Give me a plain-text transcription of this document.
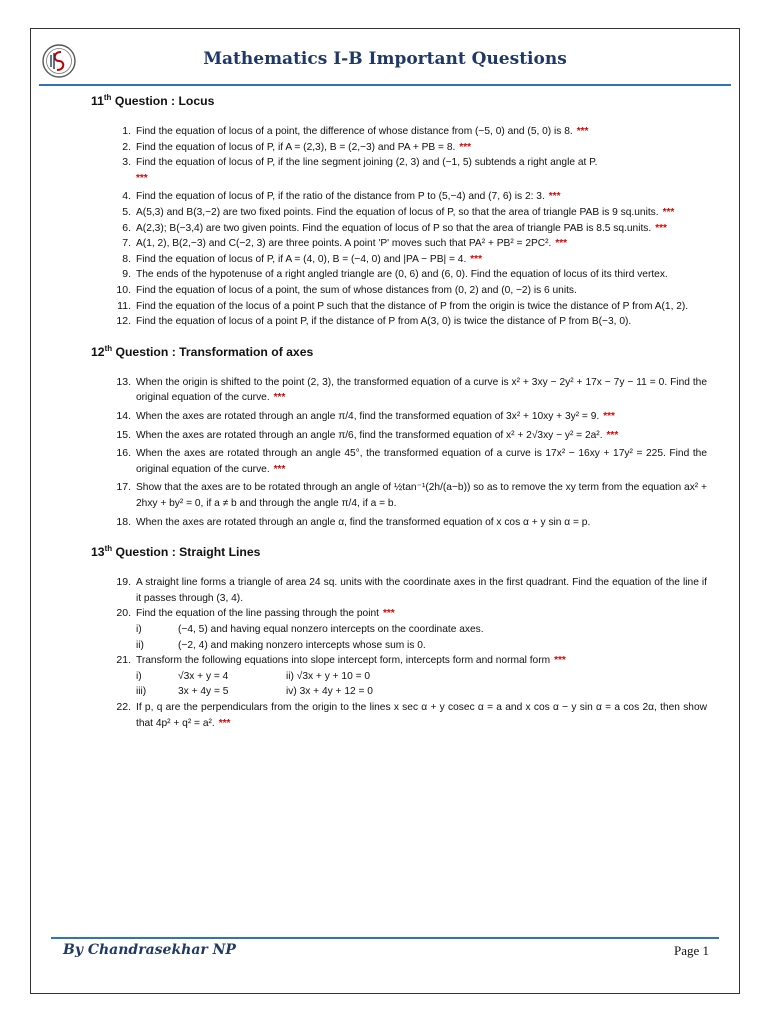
Mathematics I-B Important Questions
11th Question : Locus
1. Find the equation of locus of a point, the difference of whose distance from (−5, 0) and (5, 0) is 8. ***
2. Find the equation of locus of P, if A = (2,3), B = (2,−3) and PA + PB = 8. ***
3. Find the equation of locus of P, if the line segment joining (2, 3) and (−1, 5) subtends a right angle at P.
***
4. Find the equation of locus of P, if the ratio of the distance from P to (5,−4) and (7, 6) is 2: 3. ***
5. A(5,3) and B(3,−2) are two fixed points. Find the equation of locus of P, so that the area of triangle PAB is 9 sq.units. ***
6. A(2,3); B(−3,4) are two given points. Find the equation of locus of P so that the area of triangle PAB is 8.5 sq.units. ***
7. A(1, 2), B(2,−3) and C(−2, 3) are three points. A point 'P' moves such that PA² + PB² = 2PC². ***
8. Find the equation of locus of P, if A = (4, 0), B = (−4, 0) and |PA − PB| = 4. ***
9. The ends of the hypotenuse of a right angled triangle are (0, 6) and (6, 0). Find the equation of locus of its third vertex.
10. Find the equation of locus of a point, the sum of whose distances from (0, 2) and (0, −2) is 6 units.
11. Find the equation of the locus of a point P such that the distance of P from the origin is twice the distance of P from A(1, 2).
12. Find the equation of locus of a point P, if the distance of P from A(3, 0) is twice the distance of P from B(−3, 0).
12th Question : Transformation of axes
13. When the origin is shifted to the point (2, 3), the transformed equation of a curve is x² + 3xy − 2y² + 17x − 7y − 11 = 0. Find the original equation of the curve. ***
14. When the axes are rotated through an angle π/4, find the transformed equation of 3x² + 10xy + 3y² = 9. ***
15. When the axes are rotated through an angle π/6, find the transformed equation of x² + 2√3xy − y² = 2a². ***
16. When the axes are rotated through an angle 45°, the transformed equation of a curve is 17x² − 16xy + 17y² = 225. Find the original equation of the curve. ***
17. Show that the axes are to be rotated through an angle of ½tan⁻¹(2h/(a−b)) so as to remove the xy term from the equation ax² + 2hxy + by² = 0, if a ≠ b and through the angle π/4, if a = b.
18. When the axes are rotated through an angle α, find the transformed equation of x cos α + y sin α = p.
13th Question : Straight Lines
19. A straight line forms a triangle of area 24 sq. units with the coordinate axes in the first quadrant. Find the equation of the line if it passes through (3, 4).
20. Find the equation of the line passing through the point ***
i)	(−4, 5) and having equal nonzero intercepts on the coordinate axes.
ii)	(−2, 4) and making nonzero intercepts whose sum is 0.
21. Transform the following equations into slope intercept form, intercepts form and normal form ***
i)	√3x + y = 4	ii) √3x + y + 10 = 0
iii)	3x + 4y = 5	iv) 3x + 4y + 12 = 0
22. If p, q are the perpendiculars from the origin to the lines x sec α + y cosec α = a and x cos α − y sin α = a cos 2α, then show that 4p² + q² = a². ***
By Chandrasekhar NP	Page 1
